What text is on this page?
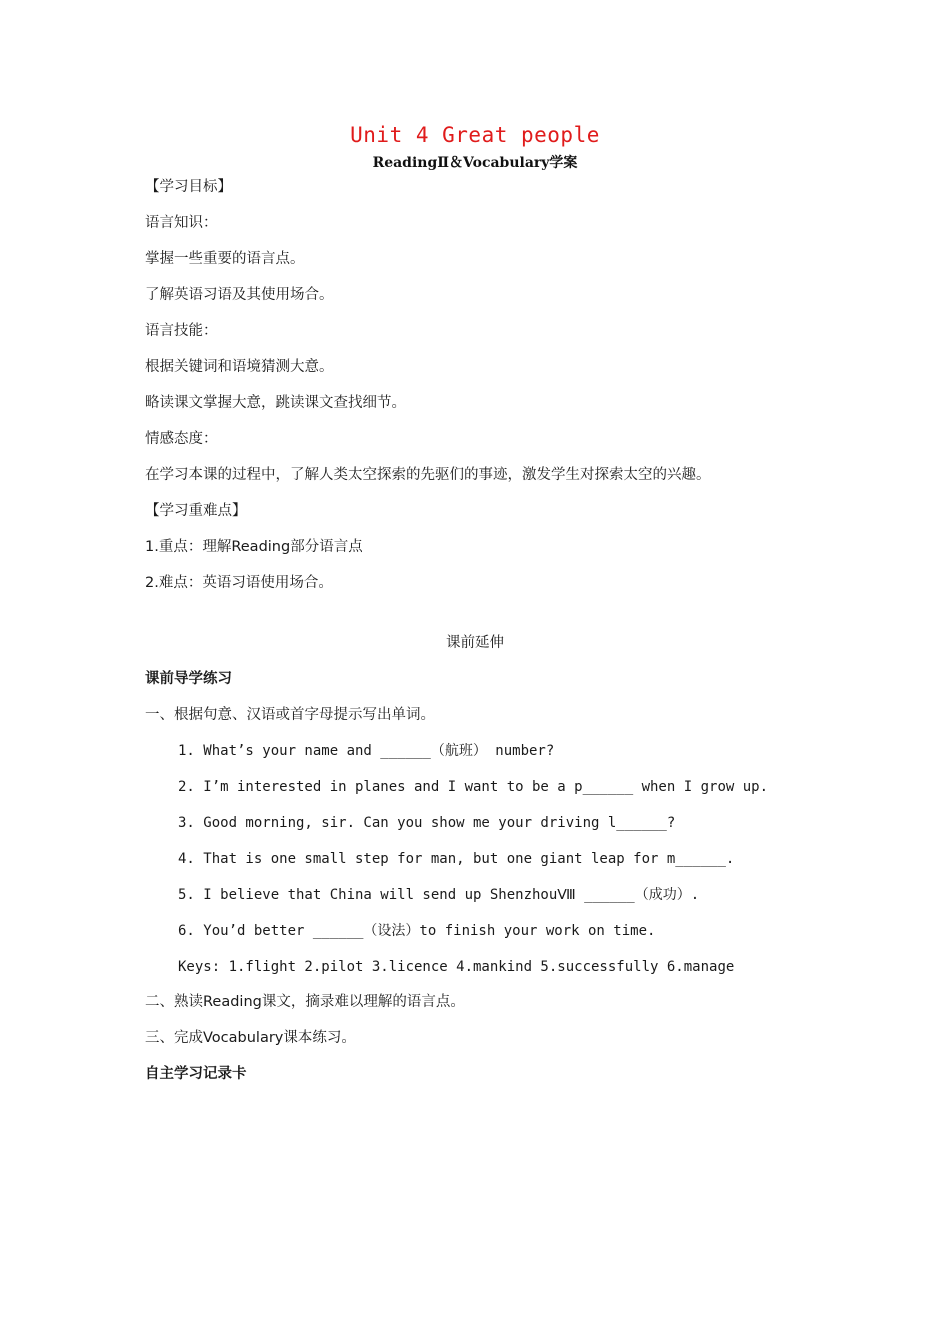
Unit 4 Great people
ReadingⅡ＆Vocabulary学案
【学习目标】
语言知识：
掌握一些重要的语言点。
了解英语习语及其使用场合。
语言技能：
根据关键词和语境猜测大意。
略读课文掌握大意，跳读课文查找细节。
情感态度：
在学习本课的过程中，了解人类太空探索的先驱们的事迹，激发学生对探索太空的兴趣。
【学习重难点】
1.重点：理解Reading部分语言点
2.难点：英语习语使用场合。
课前延伸
课前导学练习
一、根据句意、汉语或首字母提示写出单词。
1. What’s your name and ______（航班） number?
2. I’m interested in planes and I want to be a p______ when I grow up.
3. Good morning, sir. Can you show me your driving l______?
4. That is one small step for man, but one giant leap for m______.
5. I believe that China will send up ShenzhouⅧ ______（成功）.
6. You’d better ______（设法）to finish your work on time.
Keys: 1.flight 2.pilot 3.licence 4.mankind 5.successfully 6.manage
二、熟读Reading课文，摘录难以理解的语言点。
三、完成Vocabulary课本练习。
自主学习记录卡
